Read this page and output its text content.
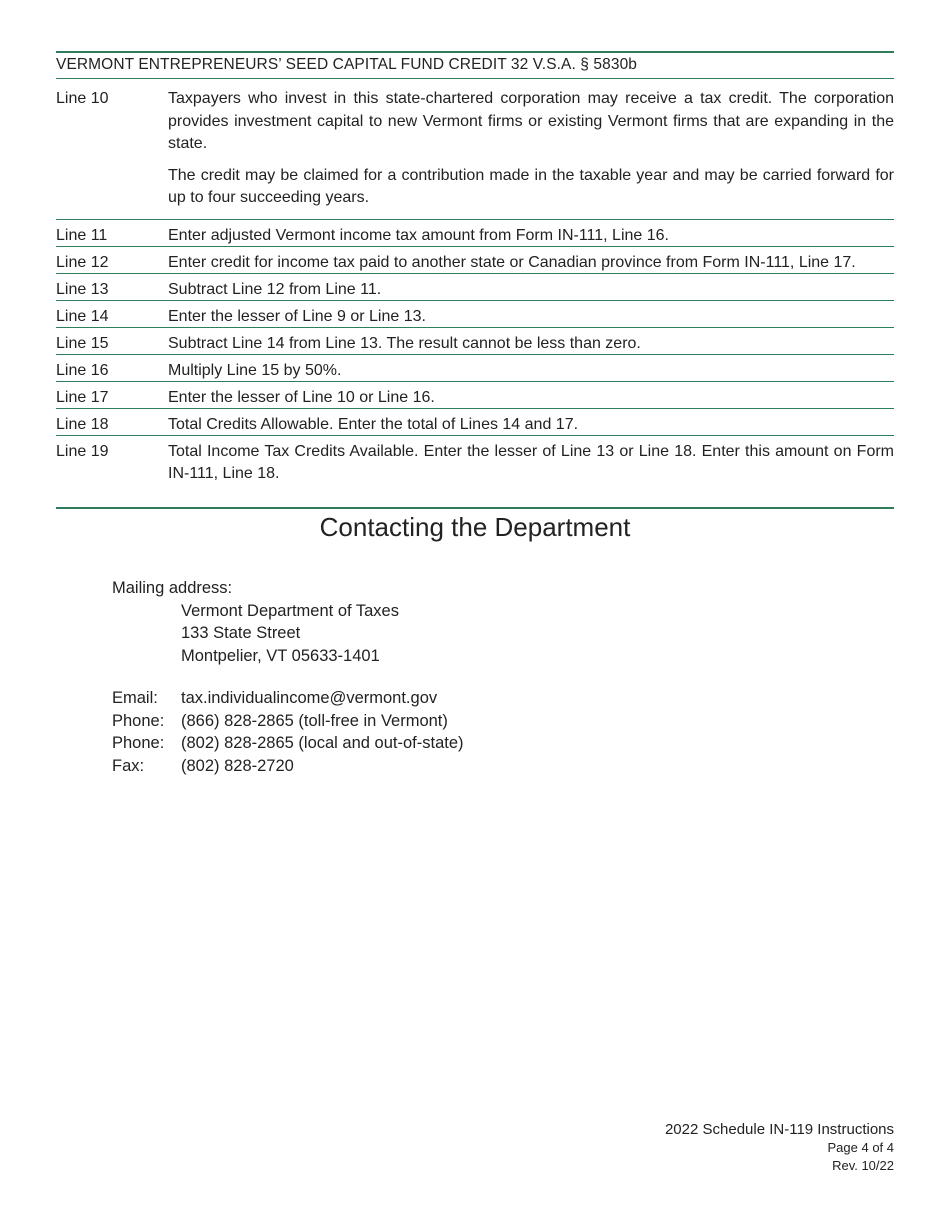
VERMONT ENTREPRENEURS’ SEED CAPITAL FUND CREDIT 32 V.S.A. § 5830b
Line 10	Taxpayers who invest in this state-chartered corporation may receive a tax credit. The corporation provides investment capital to new Vermont firms or existing Vermont firms that are expanding in the state.
The credit may be claimed for a contribution made in the taxable year and may be carried forward for up to four succeeding years.
Line 11	Enter adjusted Vermont income tax amount from Form IN-111, Line 16.
Line 12	Enter credit for income tax paid to another state or Canadian province from Form IN-111, Line 17.
Line 13	Subtract Line 12 from Line 11.
Line 14	Enter the lesser of Line 9 or Line 13.
Line 15	Subtract Line 14 from Line 13. The result cannot be less than zero.
Line 16	Multiply Line 15 by 50%.
Line 17	Enter the lesser of Line 10 or Line 16.
Line 18	Total Credits Allowable. Enter the total of Lines 14 and 17.
Line 19	Total Income Tax Credits Available. Enter the lesser of Line 13 or Line 18. Enter this amount on Form IN-111, Line 18.
Contacting the Department
Mailing address:
Vermont Department of Taxes
133 State Street
Montpelier, VT 05633-1401
Email:	tax.individualincome@vermont.gov
Phone:	(866) 828-2865 (toll-free in Vermont)
Phone:	(802) 828-2865 (local and out-of-state)
Fax:	(802) 828-2720
2022 Schedule IN-119 Instructions
Page 4 of 4
Rev. 10/22
